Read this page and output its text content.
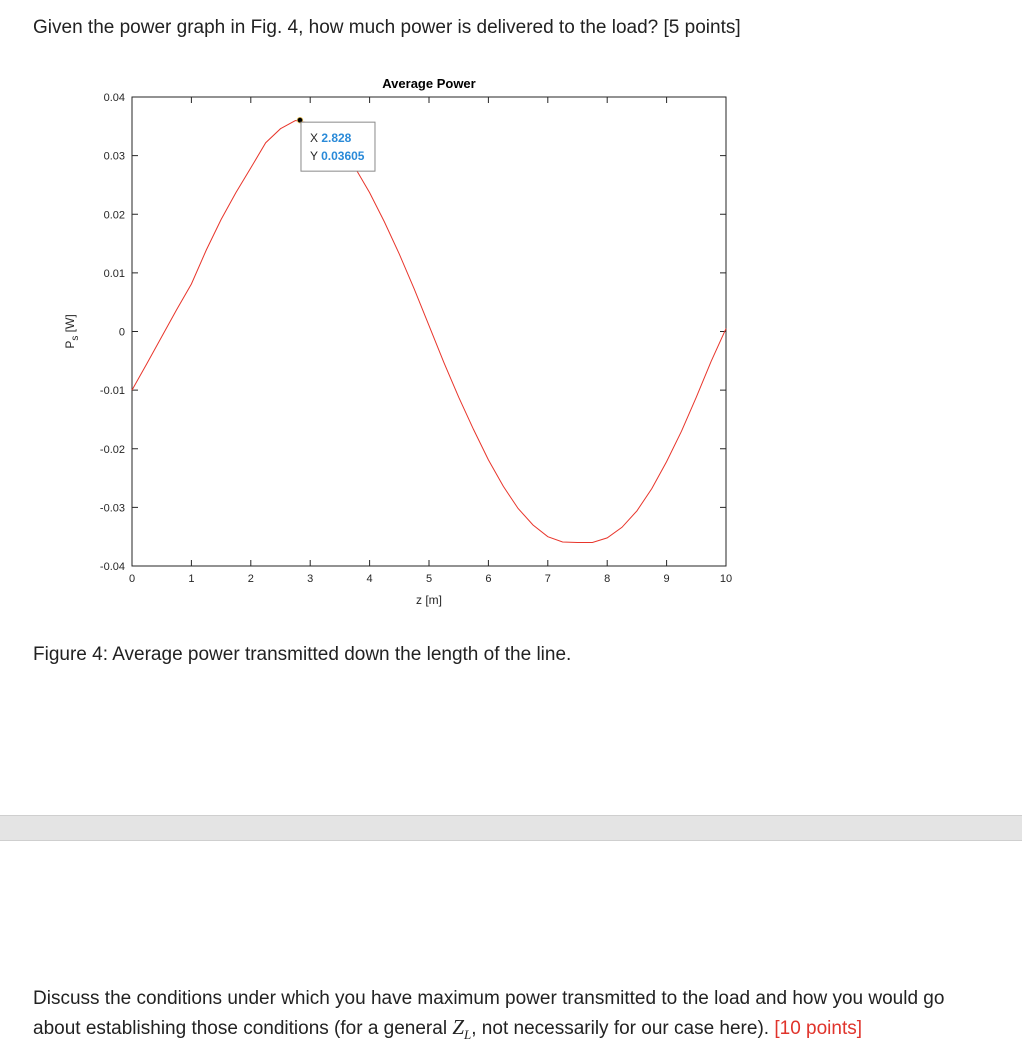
Given the power graph in Fig. 4, how much power is delivered to the load? [5 points]

0	1	2	3	4	5	6	7	8	9	10
0.04
0.03
0.02
0.01
0
-0.01
-0.02
-0.03
-0.04
Average Power
z [m]
$P_s$ [W]
X 2.828
Y 0.03605

Figure 4: Average power transmitted down the length of the line.

Discuss the conditions under which you have maximum power transmitted to the load and how you would go about establishing those conditions (for a general $Z_L$, not necessarily for our case here). [10 points]
